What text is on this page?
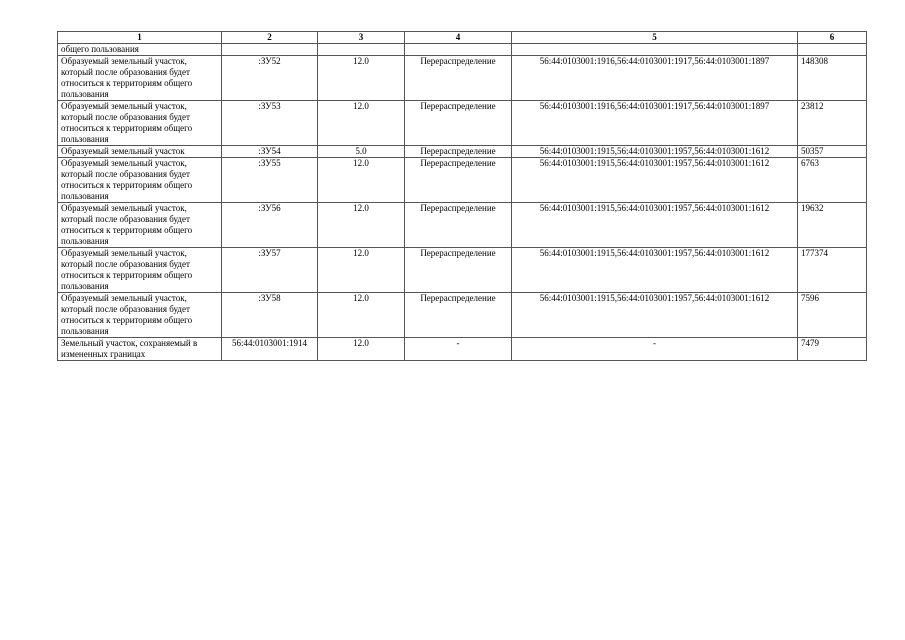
1	2	3	4	5	6
общего пользования					
Образуемый земельный участок, который после образования будет относиться к территориям общего пользования	:ЗУ52	12.0	Перераспределение	56:44:0103001:1916,56:44:0103001:1917,56:44:0103001:1897	148308
Образуемый земельный участок, который после образования будет относиться к территориям общего пользования	:ЗУ53	12.0	Перераспределение	56:44:0103001:1916,56:44:0103001:1917,56:44:0103001:1897	23812
Образуемый земельный участок	:ЗУ54	5.0	Перераспределение	56:44:0103001:1915,56:44:0103001:1957,56:44:0103001:1612	50357
Образуемый земельный участок, который после образования будет относиться к территориям общего пользования	:ЗУ55	12.0	Перераспределение	56:44:0103001:1915,56:44:0103001:1957,56:44:0103001:1612	6763
Образуемый земельный участок, который после образования будет относиться к территориям общего пользования	:ЗУ56	12.0	Перераспределение	56:44:0103001:1915,56:44:0103001:1957,56:44:0103001:1612	19632
Образуемый земельный участок, который после образования будет относиться к территориям общего пользования	:ЗУ57	12.0	Перераспределение	56:44:0103001:1915,56:44:0103001:1957,56:44:0103001:1612	177374
Образуемый земельный участок, который после образования будет относиться к территориям общего пользования	:ЗУ58	12.0	Перераспределение	56:44:0103001:1915,56:44:0103001:1957,56:44:0103001:1612	7596
Земельный участок, сохраняемый в измененных границах	56:44:0103001:1914	12.0	-	-	7479
